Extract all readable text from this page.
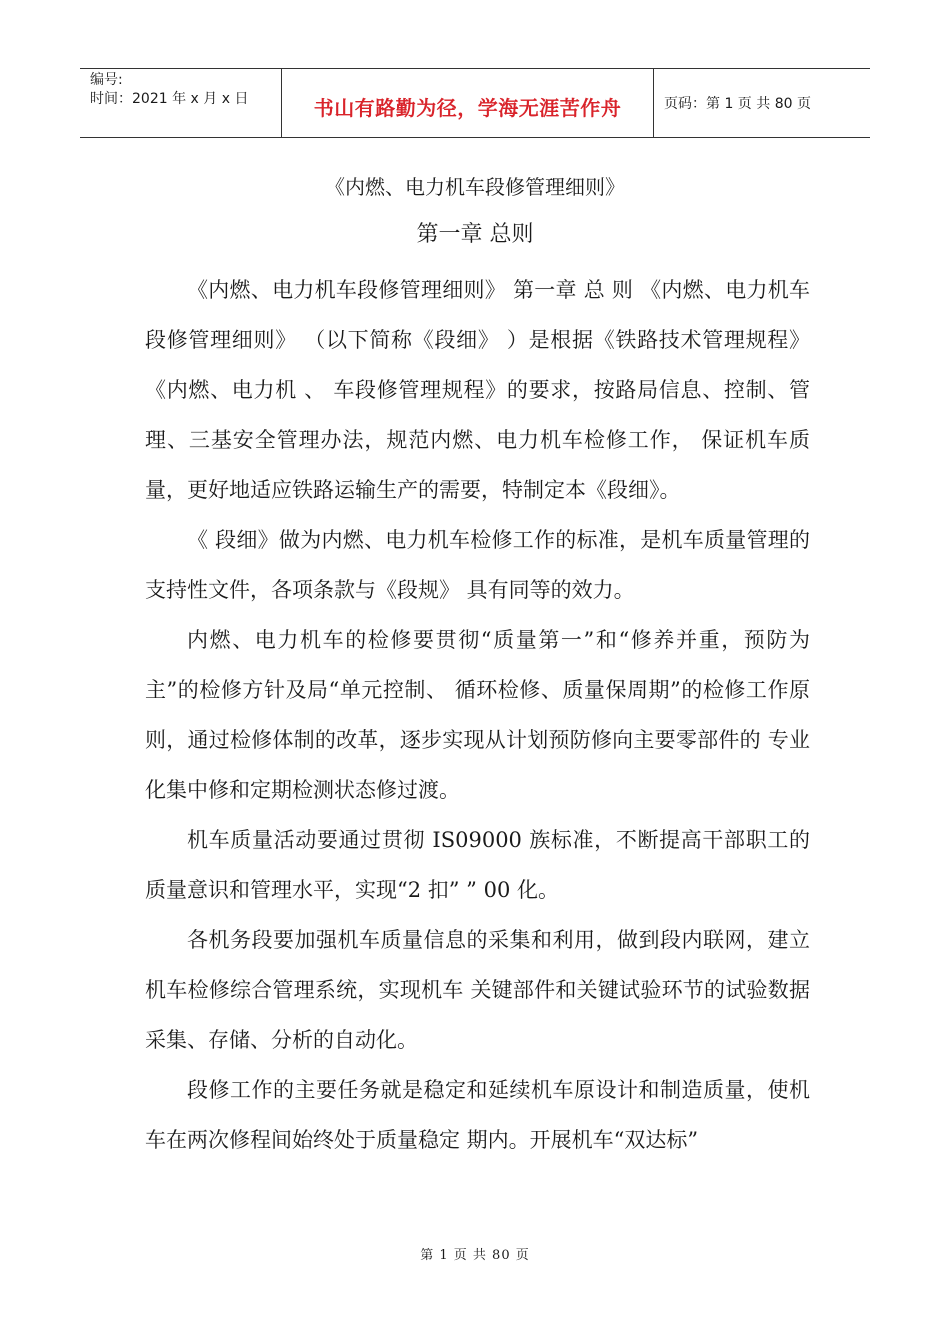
编号:
时间：2021 年 x 月 x 日	书山有路勤为径，学海无涯苦作舟	页码：第 1 页 共 80 页
《内燃、电力机车段修管理细则》
第一章 总则

《内燃、电力机车段修管理细则》 第一章 总 则 《内燃、电力机车段修管理细则》 （以下简称《段细》 ）是根据《铁路技术管理规程》《内燃、电力机 、 车段修管理规程》的要求，按路局信息、控制、管理、三基安全管理办法，规范内燃、电力机车检修工作， 保证机车质量，更好地适应铁路运输生产的需要，特制定本《段细》。

《 段细》做为内燃、电力机车检修工作的标准，是机车质量管理的支持性文件，各项条款与《段规》 具有同等的效力。

内燃、电力机车的检修要贯彻“质量第一”和“修养并重，预防为主”的检修方针及局“单元控制、 循环检修、质量保周期”的检修工作原则，通过检修体制的改革，逐步实现从计划预防修向主要零部件的 专业化集中修和定期检测状态修过渡。

机车质量活动要通过贯彻 IS09000 族标准，不断提高干部职工的质量意识和管理水平，实现“2 扣” ” 00 化。

各机务段要加强机车质量信息的采集和利用，做到段内联网，建立机车检修综合管理系统，实现机车 关键部件和关键试验环节的试验数据采集、存储、分析的自动化。

段修工作的主要任务就是稳定和延续机车原设计和制造质量，使机车在两次修程间始终处于质量稳定 期内。开展机车“双达标”

第 1 页 共 80 页
